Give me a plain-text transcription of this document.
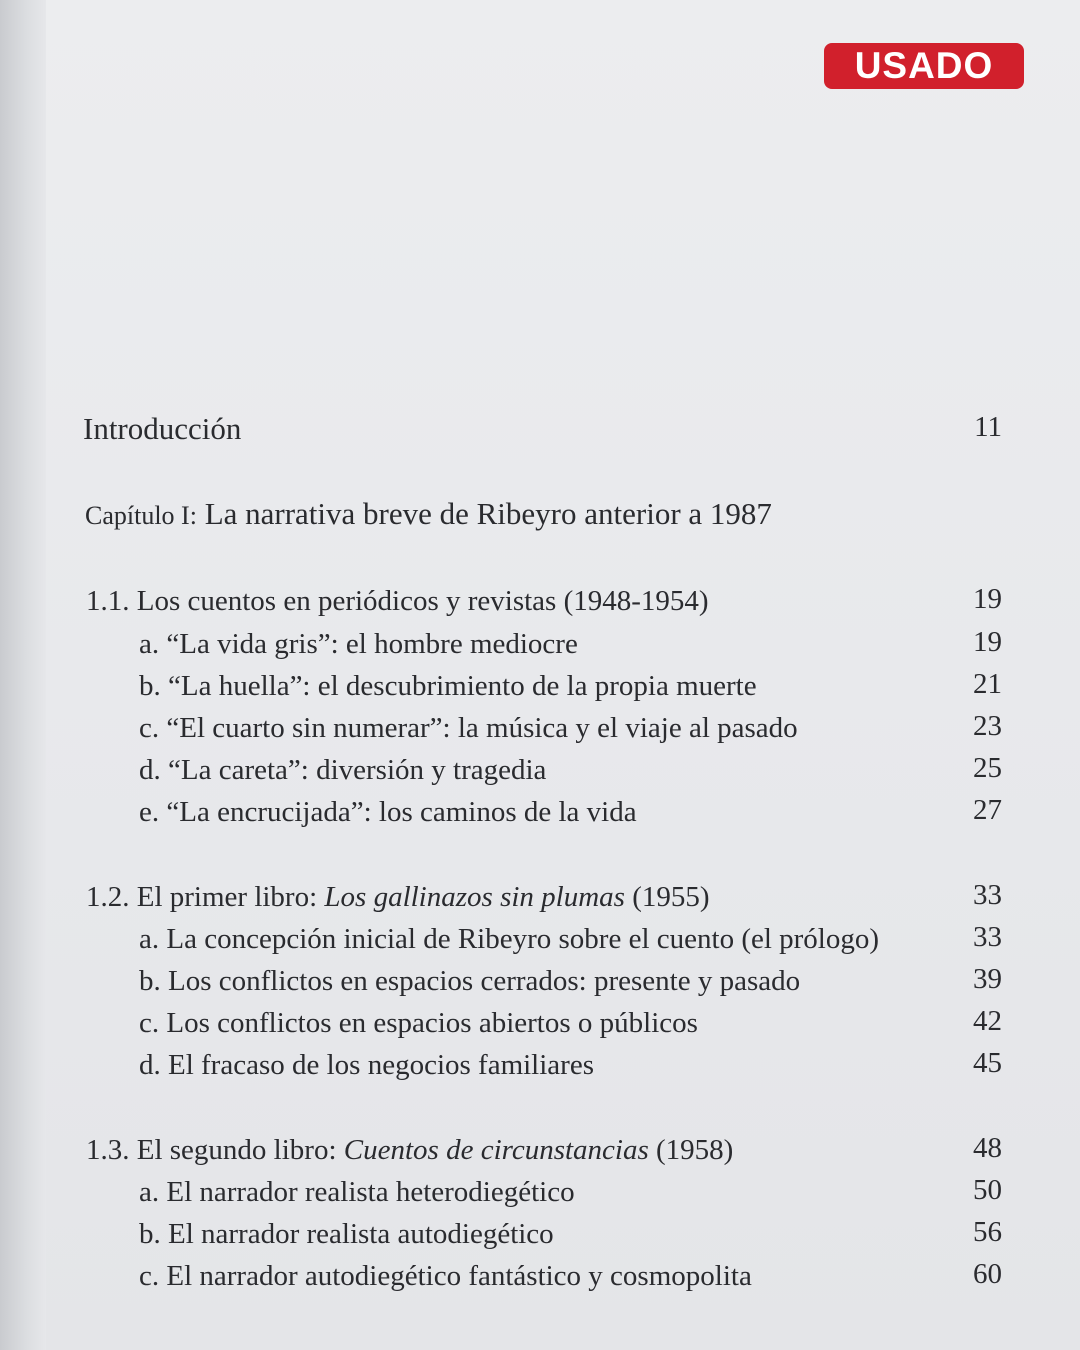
USADO
Introducción	11
Capítulo I: La narrativa breve de Ribeyro anterior a 1987
1.1. Los cuentos en periódicos y revistas (1948-1954)	19
a. “La vida gris”: el hombre mediocre	19
b. “La huella”: el descubrimiento de la propia muerte	21
c. “El cuarto sin numerar”: la música y el viaje al pasado	23
d. “La careta”: diversión y tragedia	25
e. “La encrucijada”: los caminos de la vida	27
1.2. El primer libro: Los gallinazos sin plumas (1955)	33
a. La concepción inicial de Ribeyro sobre el cuento (el prólogo)	33
b. Los conflictos en espacios cerrados: presente y pasado	39
c. Los conflictos en espacios abiertos o públicos	42
d. El fracaso de los negocios familiares	45
1.3. El segundo libro: Cuentos de circunstancias (1958)	48
a. El narrador realista heterodiegético	50
b. El narrador realista autodiegético	56
c. El narrador autodiegético fantástico y cosmopolita	60
